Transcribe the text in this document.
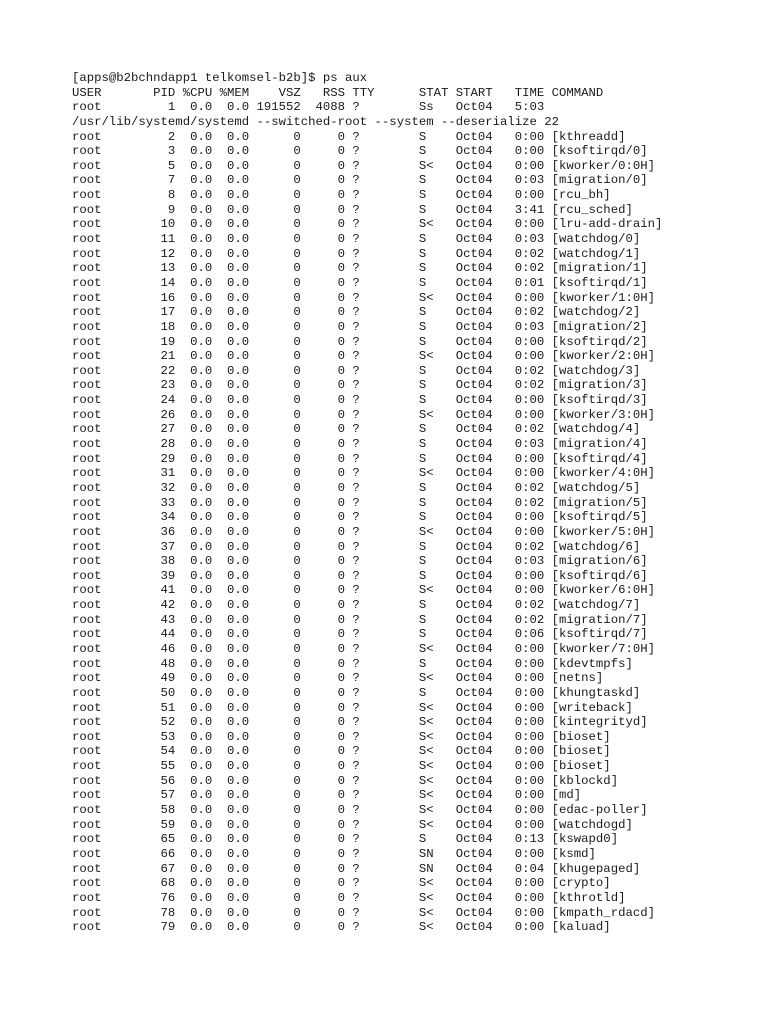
[apps@b2bchndapp1 telkomsel-b2b]$ ps aux
USER       PID %CPU %MEM    VSZ   RSS TTY      STAT START   TIME COMMAND
root         1  0.0  0.0 191552  4088 ?        Ss   Oct04   5:03
/usr/lib/systemd/systemd --switched-root --system --deserialize 22
root         2  0.0  0.0      0     0 ?        S    Oct04   0:00 [kthreadd]
root         3  0.0  0.0      0     0 ?        S    Oct04   0:00 [ksoftirqd/0]
root         5  0.0  0.0      0     0 ?        S<   Oct04   0:00 [kworker/0:0H]
root         7  0.0  0.0      0     0 ?        S    Oct04   0:03 [migration/0]
root         8  0.0  0.0      0     0 ?        S    Oct04   0:00 [rcu_bh]
root         9  0.0  0.0      0     0 ?        S    Oct04   3:41 [rcu_sched]
root        10  0.0  0.0      0     0 ?        S<   Oct04   0:00 [lru-add-drain]
root        11  0.0  0.0      0     0 ?        S    Oct04   0:03 [watchdog/0]
root        12  0.0  0.0      0     0 ?        S    Oct04   0:02 [watchdog/1]
root        13  0.0  0.0      0     0 ?        S    Oct04   0:02 [migration/1]
root        14  0.0  0.0      0     0 ?        S    Oct04   0:01 [ksoftirqd/1]
root        16  0.0  0.0      0     0 ?        S<   Oct04   0:00 [kworker/1:0H]
root        17  0.0  0.0      0     0 ?        S    Oct04   0:02 [watchdog/2]
root        18  0.0  0.0      0     0 ?        S    Oct04   0:03 [migration/2]
root        19  0.0  0.0      0     0 ?        S    Oct04   0:00 [ksoftirqd/2]
root        21  0.0  0.0      0     0 ?        S<   Oct04   0:00 [kworker/2:0H]
root        22  0.0  0.0      0     0 ?        S    Oct04   0:02 [watchdog/3]
root        23  0.0  0.0      0     0 ?        S    Oct04   0:02 [migration/3]
root        24  0.0  0.0      0     0 ?        S    Oct04   0:00 [ksoftirqd/3]
root        26  0.0  0.0      0     0 ?        S<   Oct04   0:00 [kworker/3:0H]
root        27  0.0  0.0      0     0 ?        S    Oct04   0:02 [watchdog/4]
root        28  0.0  0.0      0     0 ?        S    Oct04   0:03 [migration/4]
root        29  0.0  0.0      0     0 ?        S    Oct04   0:00 [ksoftirqd/4]
root        31  0.0  0.0      0     0 ?        S<   Oct04   0:00 [kworker/4:0H]
root        32  0.0  0.0      0     0 ?        S    Oct04   0:02 [watchdog/5]
root        33  0.0  0.0      0     0 ?        S    Oct04   0:02 [migration/5]
root        34  0.0  0.0      0     0 ?        S    Oct04   0:00 [ksoftirqd/5]
root        36  0.0  0.0      0     0 ?        S<   Oct04   0:00 [kworker/5:0H]
root        37  0.0  0.0      0     0 ?        S    Oct04   0:02 [watchdog/6]
root        38  0.0  0.0      0     0 ?        S    Oct04   0:03 [migration/6]
root        39  0.0  0.0      0     0 ?        S    Oct04   0:00 [ksoftirqd/6]
root        41  0.0  0.0      0     0 ?        S<   Oct04   0:00 [kworker/6:0H]
root        42  0.0  0.0      0     0 ?        S    Oct04   0:02 [watchdog/7]
root        43  0.0  0.0      0     0 ?        S    Oct04   0:02 [migration/7]
root        44  0.0  0.0      0     0 ?        S    Oct04   0:06 [ksoftirqd/7]
root        46  0.0  0.0      0     0 ?        S<   Oct04   0:00 [kworker/7:0H]
root        48  0.0  0.0      0     0 ?        S    Oct04   0:00 [kdevtmpfs]
root        49  0.0  0.0      0     0 ?        S<   Oct04   0:00 [netns]
root        50  0.0  0.0      0     0 ?        S    Oct04   0:00 [khungtaskd]
root        51  0.0  0.0      0     0 ?        S<   Oct04   0:00 [writeback]
root        52  0.0  0.0      0     0 ?        S<   Oct04   0:00 [kintegrityd]
root        53  0.0  0.0      0     0 ?        S<   Oct04   0:00 [bioset]
root        54  0.0  0.0      0     0 ?        S<   Oct04   0:00 [bioset]
root        55  0.0  0.0      0     0 ?        S<   Oct04   0:00 [bioset]
root        56  0.0  0.0      0     0 ?        S<   Oct04   0:00 [kblockd]
root        57  0.0  0.0      0     0 ?        S<   Oct04   0:00 [md]
root        58  0.0  0.0      0     0 ?        S<   Oct04   0:00 [edac-poller]
root        59  0.0  0.0      0     0 ?        S<   Oct04   0:00 [watchdogd]
root        65  0.0  0.0      0     0 ?        S    Oct04   0:13 [kswapd0]
root        66  0.0  0.0      0     0 ?        SN   Oct04   0:00 [ksmd]
root        67  0.0  0.0      0     0 ?        SN   Oct04   0:04 [khugepaged]
root        68  0.0  0.0      0     0 ?        S<   Oct04   0:00 [crypto]
root        76  0.0  0.0      0     0 ?        S<   Oct04   0:00 [kthrotld]
root        78  0.0  0.0      0     0 ?        S<   Oct04   0:00 [kmpath_rdacd]
root        79  0.0  0.0      0     0 ?        S<   Oct04   0:00 [kaluad]
